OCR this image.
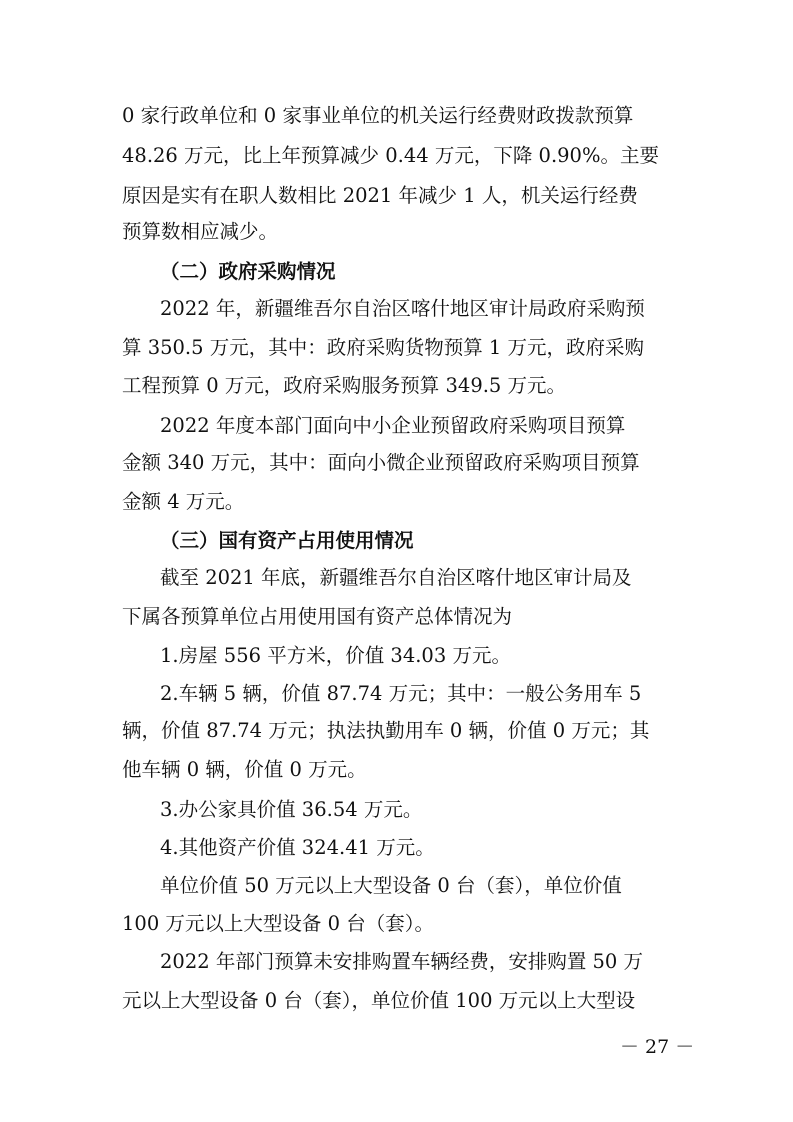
0 家行政单位和 0 家事业单位的机关运行经费财政拨款预算
48.26 万元，比上年预算减少 0.44 万元，下降 0.90%。主要
原因是实有在职人数相比 2021 年减少 1 人，机关运行经费
预算数相应减少。
（二）政府采购情况
2022 年，新疆维吾尔自治区喀什地区审计局政府采购预
算 350.5 万元，其中：政府采购货物预算 1 万元，政府采购
工程预算 0 万元，政府采购服务预算 349.5 万元。
2022 年度本部门面向中小企业预留政府采购项目预算
金额 340 万元，其中：面向小微企业预留政府采购项目预算
金额 4 万元。
（三）国有资产占用使用情况
截至 2021 年底，新疆维吾尔自治区喀什地区审计局及
下属各预算单位占用使用国有资产总体情况为
1.房屋 556 平方米，价值 34.03 万元。
2.车辆 5 辆，价值 87.74 万元；其中：一般公务用车 5
辆，价值 87.74 万元；执法执勤用车 0 辆，价值 0 万元；其
他车辆 0 辆，价值 0 万元。
3.办公家具价值 36.54 万元。
4.其他资产价值 324.41 万元。
单位价值 50 万元以上大型设备 0 台（套），单位价值
100 万元以上大型设备 0 台（套）。
2022 年部门预算未安排购置车辆经费，安排购置 50 万
元以上大型设备 0 台（套），单位价值 100 万元以上大型设
－ 27 －
